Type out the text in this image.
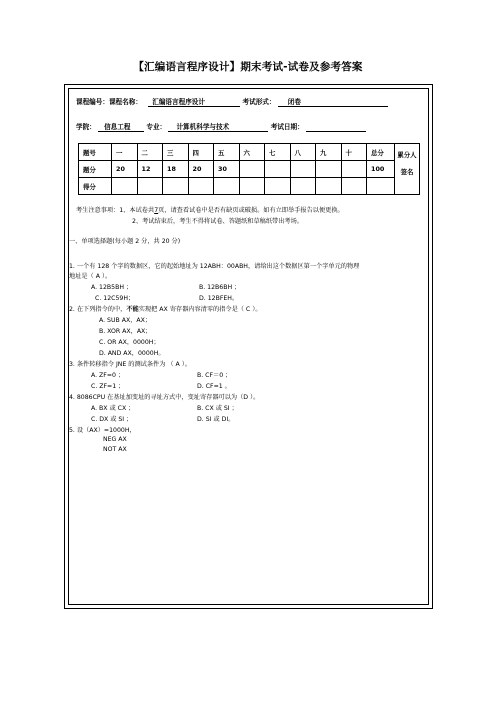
【汇编语言程序设计】期末考试-试卷及参考答案
课程编号：课程名称： 汇编语言程序设计	考试形式： 闭卷
学院： 信息工程 专业： 计算机科学与技术	考试日期：
题号	一	二	三	四	五	六	七	八	九	十	总分	累分人
签名

题分	20	12	18	20	30						100	
得分												
考生注意事项：1、本试卷共7页，请查看试卷中是否有缺页或破损。如有立即举手报告以便更换。
2、考试结束后，考生不得将试卷、答题纸和草稿纸带出考场。
一、单项选择题(每小题 2 分，共 20 分)
1. 一个有 128 个字的数据区，它的起始地址为 12ABH：00ABH，请给出这个数据区第一个字单元的物理
地址是（ A ）。
A. 12B5BH ；	B. 12B6BH ；
C. 12C59H；	D. 12BFEH。
2. 在下列指令的中，不能实现把 AX 寄存器内容清零的指令是（ C ）。
A. SUB AX，AX；
B. XOR AX，AX；
C. OR AX，0000H；
D. AND AX，0000H。
3. 条件转移指令 JNE 的测试条件为 （ A ）。
A. ZF=0 ；	B. CF＝0 ；
C. ZF=1 ；	D. CF=1 。
4. 8086CPU 在基址加变址的寻址方式中，变址寄存器可以为（D ）。
A. BX 或 CX ；	B. CX 或 SI ；
C. DX 或 SI ；	D. SI 或 DI。
5. 设（AX）=1000H，
NEG AX
NOT AX
